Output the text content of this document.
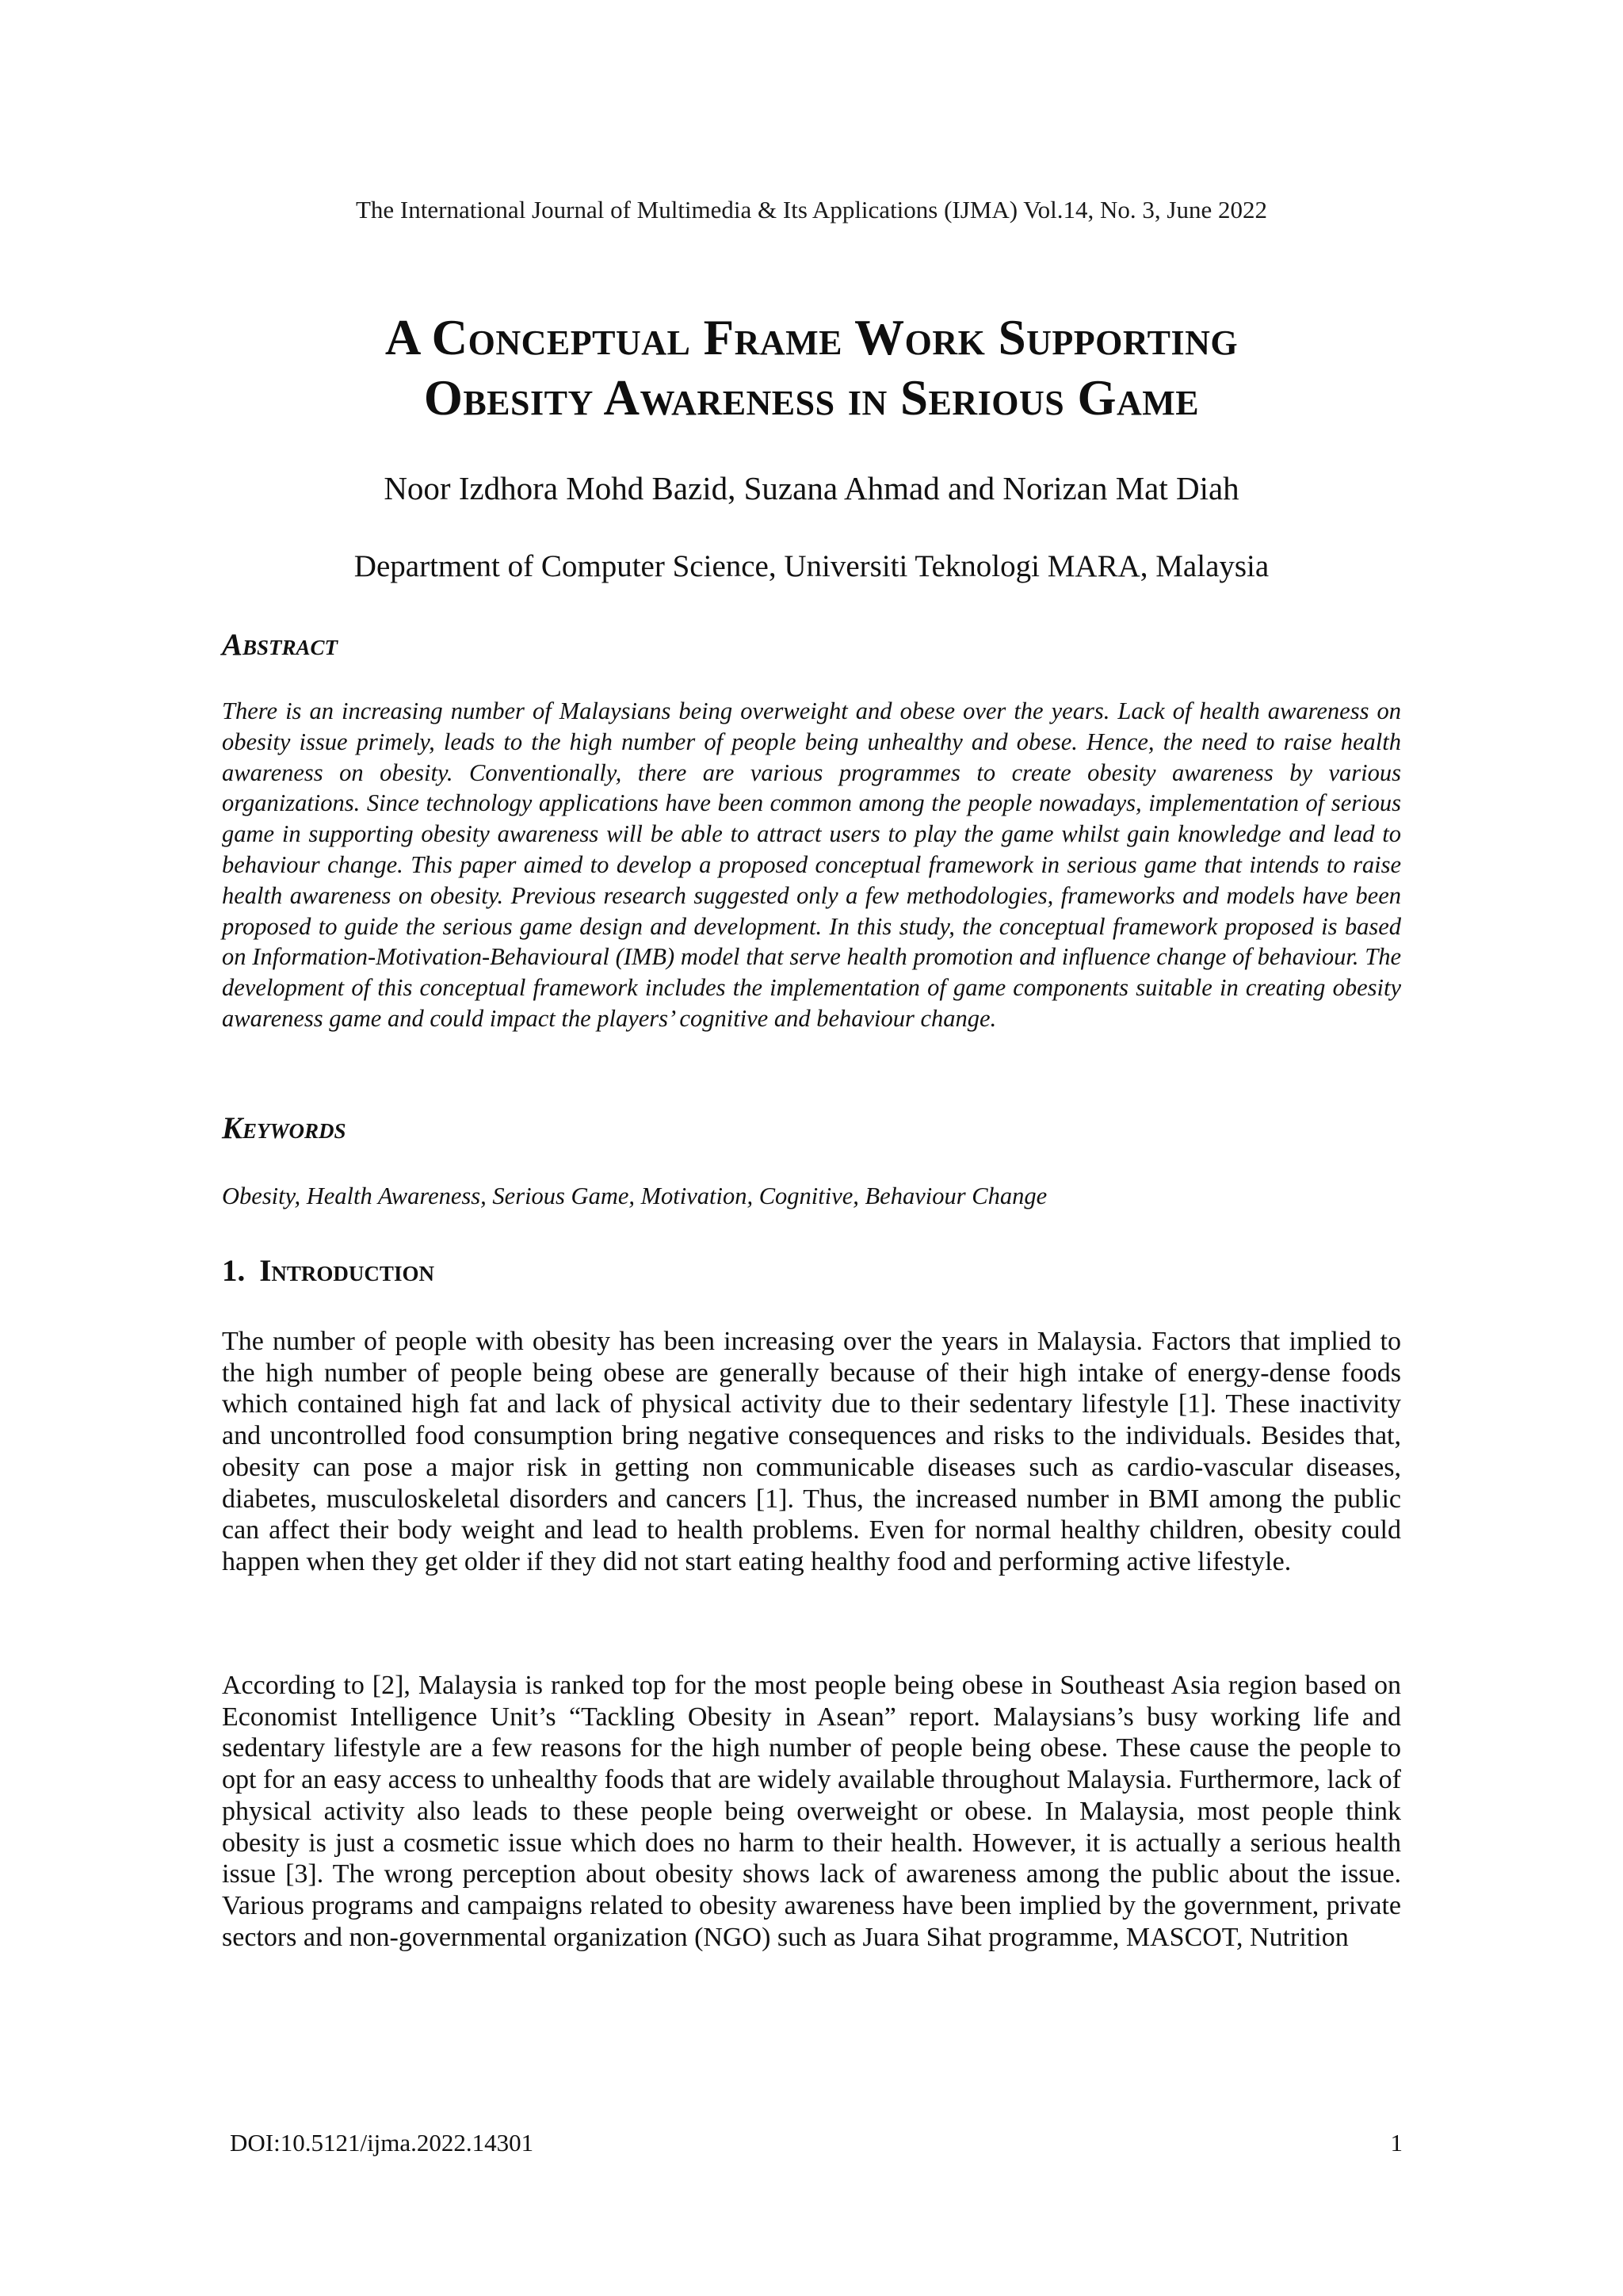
The International Journal of Multimedia & Its Applications (IJMA) Vol.14, No. 3, June 2022
A Conceptual Frame Work Supporting
Obesity Awareness in Serious Game
Noor Izdhora Mohd Bazid, Suzana Ahmad and Norizan Mat Diah
Department of Computer Science, Universiti Teknologi MARA, Malaysia
Abstract
There is an increasing number of Malaysians being overweight and obese over the years. Lack of health awareness on obesity issue primely, leads to the high number of people being unhealthy and obese. Hence, the need to raise health awareness on obesity. Conventionally, there are various programmes to create obesity awareness by various organizations. Since technology applications have been common among the people nowadays, implementation of serious game in supporting obesity awareness will be able to attract users to play the game whilst gain knowledge and lead to behaviour change. This paper aimed to develop a proposed conceptual framework in serious game that intends to raise health awareness on obesity. Previous research suggested only a few methodologies, frameworks and models have been proposed to guide the serious game design and development. In this study, the conceptual framework proposed is based on Information-Motivation-Behavioural (IMB) model that serve health promotion and influence change of behaviour. The development of this conceptual framework includes the implementation of game components suitable in creating obesity awareness game and could impact the players’ cognitive and behaviour change.
Keywords
Obesity, Health Awareness, Serious Game, Motivation, Cognitive, Behaviour Change
1. Introduction
The number of people with obesity has been increasing over the years in Malaysia. Factors that implied to the high number of people being obese are generally because of their high intake of energy-dense foods which contained high fat and lack of physical activity due to their sedentary lifestyle [1]. These inactivity and uncontrolled food consumption bring negative consequences and risks to the individuals. Besides that, obesity can pose a major risk in getting non communicable diseases such as cardio-vascular diseases, diabetes, musculoskeletal disorders and cancers [1]. Thus, the increased number in BMI among the public can affect their body weight and lead to health problems. Even for normal healthy children, obesity could happen when they get older if they did not start eating healthy food and performing active lifestyle.
According to [2], Malaysia is ranked top for the most people being obese in Southeast Asia region based on Economist Intelligence Unit’s “Tackling Obesity in Asean” report. Malaysians’s busy working life and sedentary lifestyle are a few reasons for the high number of people being obese. These cause the people to opt for an easy access to unhealthy foods that are widely available throughout Malaysia. Furthermore, lack of physical activity also leads to these people being overweight or obese. In Malaysia, most people think obesity is just a cosmetic issue which does no harm to their health. However, it is actually a serious health issue [3]. The wrong perception about obesity shows lack of awareness among the public about the issue. Various programs and campaigns related to obesity awareness have been implied by the government, private sectors and non-governmental organization (NGO) such as Juara Sihat programme, MASCOT, Nutrition
DOI:10.5121/ijma.2022.14301	1
